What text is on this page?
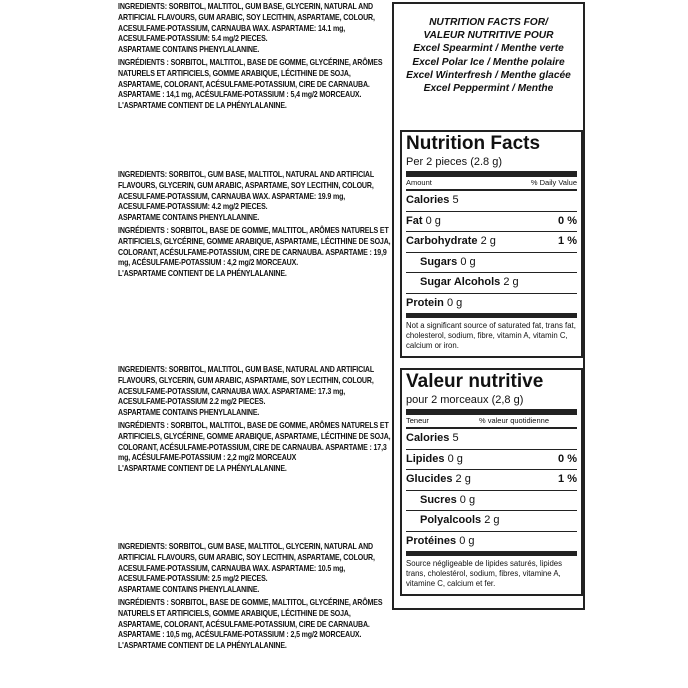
INGREDIENTS: SORBITOL, MALTITOL, GUM BASE, GLYCERIN, NATURAL AND ARTIFICIAL FLAVOURS, GUM ARABIC, SOY LECITHIN, ASPARTAME, COLOUR, ACESULFAME-POTASSIUM, CARNAUBA WAX. ASPARTAME: 14.1 mg, ACESULFAME-POTASSIUM: 5.4 mg/2 PIECES.

ASPARTAME CONTAINS PHENYLALANINE.

INGRÉDIENTS : SORBITOL, MALTITOL, BASE DE GOMME, GLYCÉRINE, ARÔMES NATURELS ET ARTIFICIELS, GOMME ARABIQUE, LÉCITHINE DE SOJA, ASPARTAME, COLORANT, ACÉSULFAME-POTASSIUM, CIRE DE CARNAUBA. ASPARTAME : 14,1 mg, ACÉSULFAME-POTASSIUM : 5,4 mg/2 MORCEAUX.

L'ASPARTAME CONTIENT DE LA PHÉNYLALANINE.

INGREDIENTS: SORBITOL, GUM BASE, MALTITOL, NATURAL AND ARTIFICIAL FLAVOURS, GLYCERIN, GUM ARABIC, ASPARTAME, SOY LECITHIN, COLOUR, ACESULFAME-POTASSIUM, CARNAUBA WAX. ASPARTAME: 19.9 mg, ACESULFAME-POTASSIUM: 4.2 mg/2 PIECES.

ASPARTAME CONTAINS PHENYLALANINE.

INGRÉDIENTS : SORBITOL, BASE DE GOMME, MALTITOL, ARÔMES NATURELS ET ARTIFICIELS, GLYCÉRINE, GOMME ARABIQUE, ASPARTAME, LÉCITHINE DE SOJA, COLORANT, ACÉSULFAME-POTASSIUM, CIRE DE CARNAUBA. ASPARTAME : 19,9 mg, ACÉSULFAME-POTASSIUM : 4,2 mg/2 MORCEAUX.

L'ASPARTAME CONTIENT DE LA PHÉNYLALANINE.

INGREDIENTS: SORBITOL, MALTITOL, GUM BASE, NATURAL AND ARTIFICIAL FLAVOURS, GLYCERIN, GUM ARABIC, ASPARTAME, SOY LECITHIN, COLOUR, ACESULFAME-POTASSIUM, CARNAUBA WAX. ASPARTAME: 17.3 mg, ACESULFAME-POTASSIUM 2.2 mg/2 PIECES.

ASPARTAME CONTAINS PHENYLALANINE.

INGRÉDIENTS : SORBITOL, MALTITOL, BASE DE GOMME, ARÔMES NATURELS ET ARTIFICIELS, GLYCÉRINE, GOMME ARABIQUE, ASPARTAME, LÉCITHINE DE SOJA, COLORANT, ACÉSULFAME-POTASSIUM, CIRE DE CARNAUBA. ASPARTAME : 17,3 mg, ACÉSULFAME-POTASSIUM : 2,2 mg/2 MORCEAUX

L'ASPARTAME CONTIENT DE LA PHÉNYLALANINE.

INGREDIENTS: SORBITOL, GUM BASE, MALTITOL, GLYCERIN, NATURAL AND ARTIFICIAL FLAVOURS, GUM ARABIC, SOY LECITHIN, ASPARTAME, COLOUR, ACESULFAME-POTASSIUM, CARNAUBA WAX. ASPARTAME: 10.5 mg, ACESULFAME-POTASSIUM: 2.5 mg/2 PIECES.

ASPARTAME CONTAINS PHENYLALANINE.

INGRÉDIENTS : SORBITOL, BASE DE GOMME, MALTITOL, GLYCÉRINE, ARÔMES NATURELS ET ARTIFICIELS, GOMME ARABIQUE, LÉCITHINE DE SOJA, ASPARTAME, COLORANT, ACÉSULFAME-POTASSIUM, CIRE DE CARNAUBA. ASPARTAME : 10,5 mg, ACÉSULFAME-POTASSIUM : 2,5 mg/2 MORCEAUX.

L'ASPARTAME CONTIENT DE LA PHÉNYLALANINE.

NUTRITION FACTS FOR/
VALEUR NUTRITIVE POUR
Excel Spearmint / Menthe verte
Excel Polar Ice / Menthe polaire
Excel Winterfresh / Menthe glacée
Excel Peppermint / Menthe
Nutrition Facts
Per 2 pieces (2.8 g)
Amount	% Daily Value
Calories 5
Fat 0 g	0 %
Carbohydrate 2 g	1 %
Sugars 0 g
Sugar Alcohols 2 g
Protein 0 g
Not a significant source of saturated fat, trans fat, cholesterol, sodium, fibre, vitamin A, vitamin C, calcium or iron.
Valeur nutritive
pour 2 morceaux (2,8 g)
Teneur	% valeur quotidienne
Calories 5
Lipides 0 g	0 %
Glucides 2 g	1 %
Sucres 0 g
Polyalcools 2 g
Protéines 0 g
Source négligeable de lipides saturés, lipides trans, cholestérol, sodium, fibres, vitamine A, vitamine C, calcium et fer.
